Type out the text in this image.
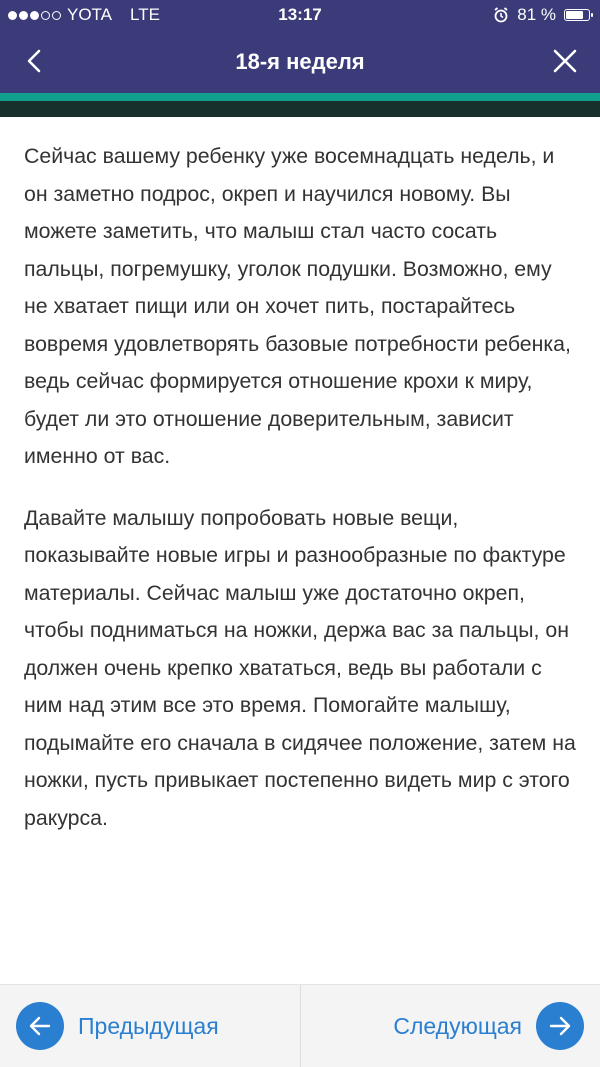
YOTA LTE	13:17	81 %
18-я неделя

Сейчас вашему ребенку уже восемнадцать недель, и он заметно подрос, окреп и научился новому. Вы можете заметить, что малыш стал часто сосать пальцы, погремушку, уголок подушки. Возможно, ему не хватает пищи или он хочет пить, постарайтесь вовремя удовлетворять базовые потребности ребенка, ведь сейчас формируется отношение крохи к миру, будет ли это отношение доверительным, зависит именно от вас.

Давайте малышу попробовать новые вещи, показывайте новые игры и разнообразные по фактуре материалы. Сейчас малыш уже достаточно окреп, чтобы подниматься на ножки, держа вас за пальцы, он должен очень крепко хвататься, ведь вы работали с ним над этим все это время. Помогайте малышу, подымайте его сначала в сидячее положение, затем на ножки, пусть привыкает постепенно видеть мир с этого ракурса.

Предыдущая	Следующая
